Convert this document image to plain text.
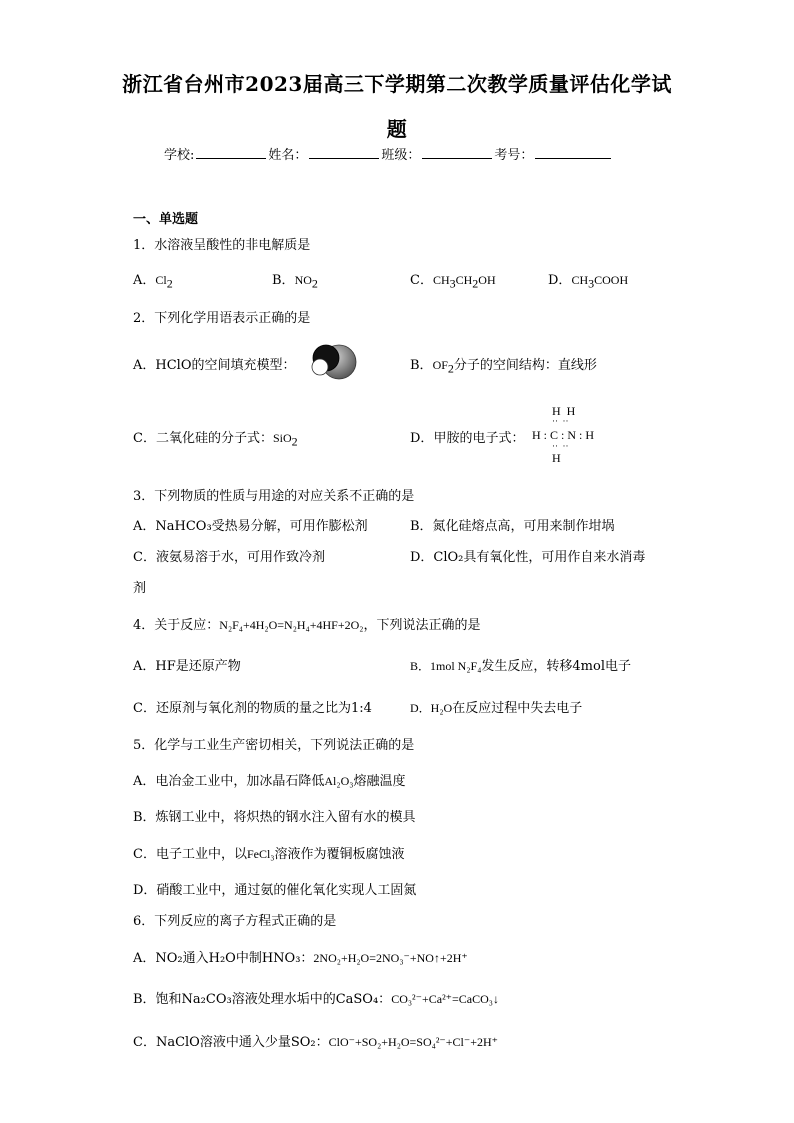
浙江省台州市2023届高三下学期第二次教学质量评估化学试
题
学校:	姓名：	班级：	考号：
一、单选题
1．水溶液呈酸性的非电解质是
A．$Cl_2$	B．$NO_2$	C．$CH_3CH_2OH$	D．$CH_3COOH$
2．下列化学用语表示正确的是
A．HClO的空间填充模型：	B．$OF_2$分子的空间结构：直线形
C．二氧化硅的分子式：SiO$_2$	D．甲胺的电子式：
H  H
··  ··
H : C : N : H
··  ··
H
3．下列物质的性质与用途的对应关系不正确的是
A．NaHCO₃受热易分解，可用作膨松剂	B．氮化硅熔点高，可用来制作坩埚
C．液氨易溶于水，可用作致冷剂	D．ClO₂具有氧化性，可用作自来水消毒
剂
4．关于反应：N₂F₄+4H₂O=N₂H₄+4HF+2O₂，下列说法正确的是
A．HF是还原产物	B．1mol N₂F₄发生反应，转移4mol电子
C．还原剂与氧化剂的物质的量之比为1:4	D．H₂O在反应过程中失去电子
5．化学与工业生产密切相关，下列说法正确的是
A．电冶金工业中，加冰晶石降低Al₂O₃熔融温度
B．炼钢工业中，将炽热的钢水注入留有水的模具
C．电子工业中，以FeCl₃溶液作为覆铜板腐蚀液
D．硝酸工业中，通过氨的催化氧化实现人工固氮
6．下列反应的离子方程式正确的是
A．NO₂通入H₂O中制HNO₃：2NO₂+H₂O=2NO₃⁻+NO↑+2H⁺
B．饱和Na₂CO₃溶液处理水垢中的CaSO₄：CO₃²⁻+Ca²⁺=CaCO₃↓
C．NaClO溶液中通入少量SO₂：ClO⁻+SO₂+H₂O=SO₄²⁻+Cl⁻+2H⁺
